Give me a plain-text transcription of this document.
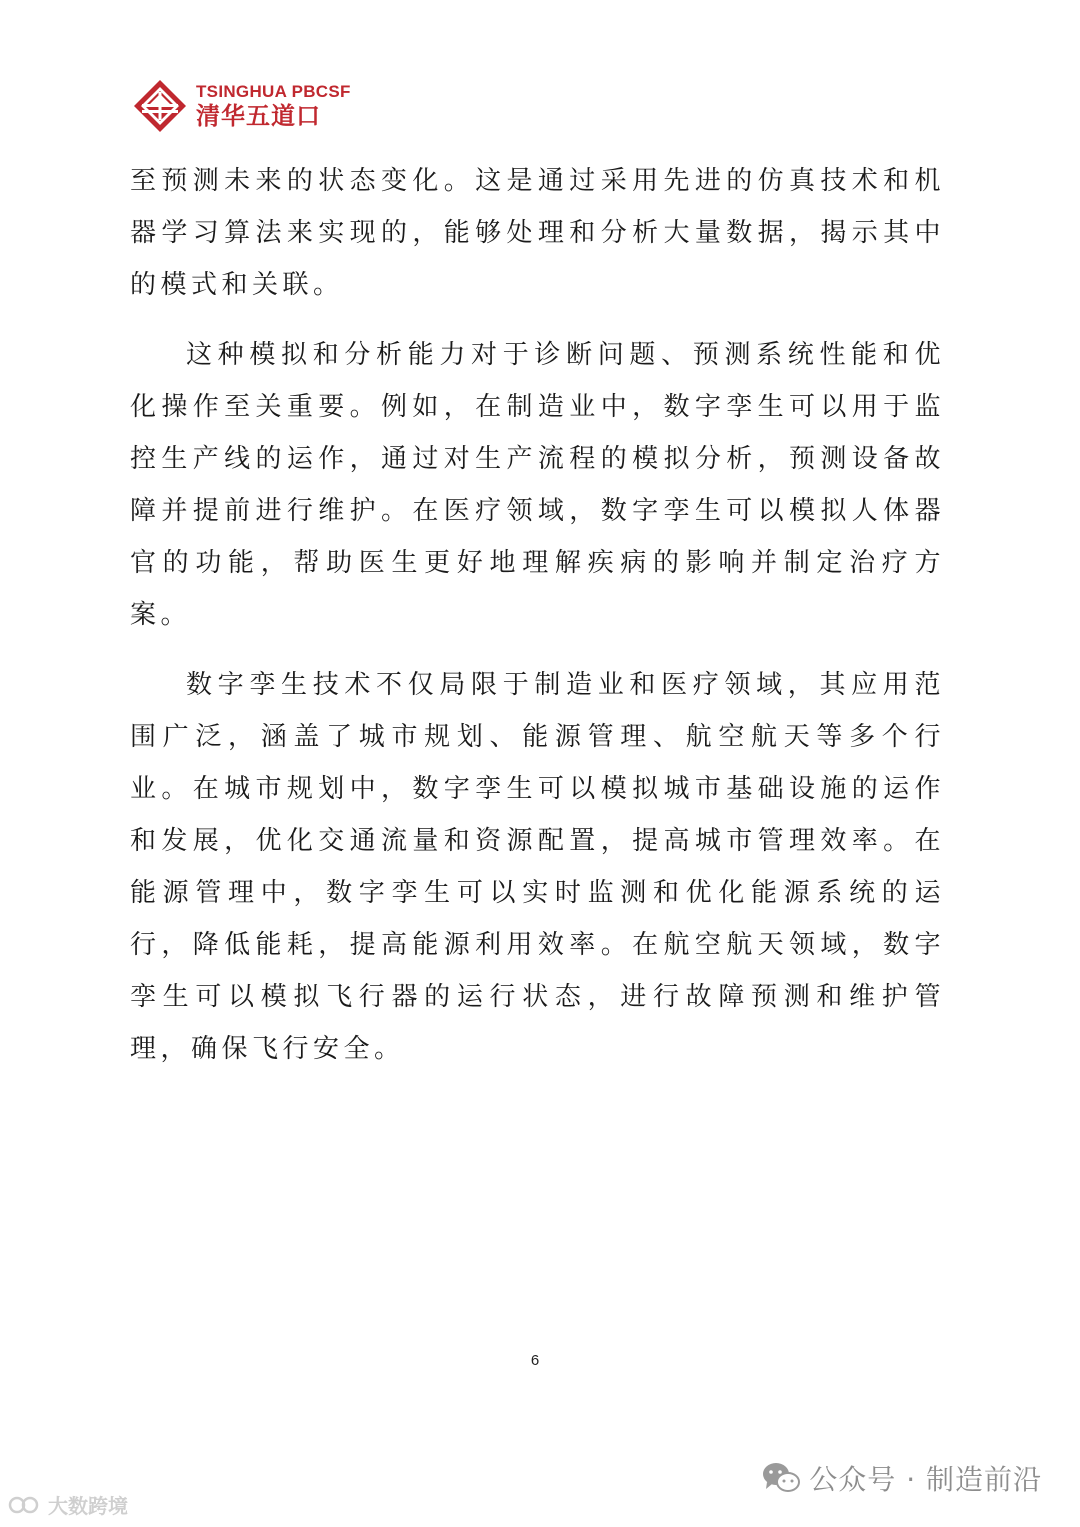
TSINGHUA PBCSF
清华五道口

至预测未来的状态变化。这是通过采用先进的仿真技术和机器学习算法来实现的，能够处理和分析大量数据，揭示其中的模式和关联。

这种模拟和分析能力对于诊断问题、预测系统性能和优化操作至关重要。例如，在制造业中，数字孪生可以用于监控生产线的运作，通过对生产流程的模拟分析，预测设备故障并提前进行维护。在医疗领域，数字孪生可以模拟人体器官的功能，帮助医生更好地理解疾病的影响并制定治疗方案。

数字孪生技术不仅局限于制造业和医疗领域，其应用范围广泛，涵盖了城市规划、能源管理、航空航天等多个行业。在城市规划中，数字孪生可以模拟城市基础设施的运作和发展，优化交通流量和资源配置，提高城市管理效率。在能源管理中，数字孪生可以实时监测和优化能源系统的运行，降低能耗，提高能源利用效率。在航空航天领域，数字孪生可以模拟飞行器的运行状态，进行故障预测和维护管理，确保飞行安全。

6
公众号 · 制造前沿
大数跨境
